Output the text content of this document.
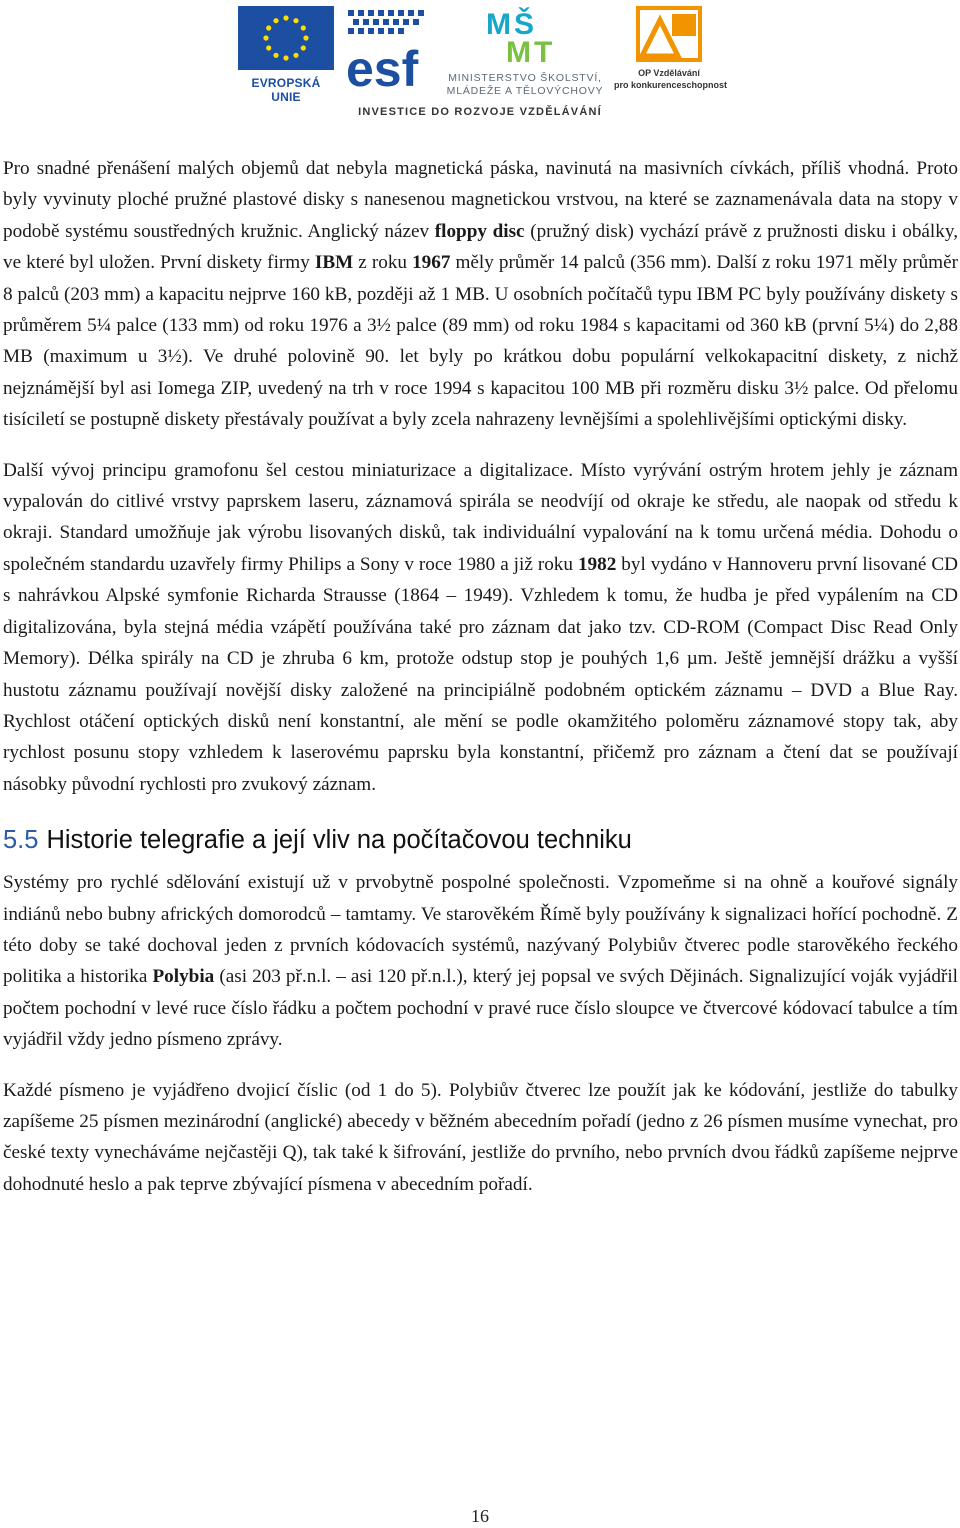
EVROPSKÁ UNIE esf
M Š
M T
MINISTERSTVO ŠKOLSTVÍ,
MLÁDEŽE A TĚLOVÝCHOVY
OP Vzdělávání
pro konkurenceschopnost
INVESTICE DO ROZVOJE VZDĚLÁVÁNÍ

Pro snadné přenášení malých objemů dat nebyla magnetická páska, navinutá na masivních cívkách, příliš vhodná. Proto byly vyvinuty ploché pružné plastové disky s nanesenou magnetickou vrstvou, na které se zaznamenávala data na stopy v podobě systému soustředných kružnic. Anglický název floppy disc (pružný disk) vychází právě z pružnosti disku i obálky, ve které byl uložen. První diskety firmy IBM z roku 1967 měly průměr 14 palců (356 mm). Další z roku 1971 měly průměr 8 palců (203 mm) a kapacitu nejprve 160 kB, později až 1 MB. U osobních počítačů typu IBM PC byly používány diskety s průměrem 5¼ palce (133 mm) od roku 1976 a 3½ palce (89 mm) od roku 1984 s kapacitami od 360 kB (první 5¼) do 2,88 MB (maximum u 3½). Ve druhé polovině 90. let byly po krátkou dobu populární velkokapacitní diskety, z nichž nejznámější byl asi Iomega ZIP, uvedený na trh v roce 1994 s kapacitou 100 MB při rozměru disku 3½ palce. Od přelomu tisíciletí se postupně diskety přestávaly používat a byly zcela nahrazeny levnějšími a spolehlivějšími optickými disky.

Další vývoj principu gramofonu šel cestou miniaturizace a digitalizace. Místo vyrývání ostrým hrotem jehly je záznam vypalován do citlivé vrstvy paprskem laseru, záznamová spirála se neodvíjí od okraje ke středu, ale naopak od středu k okraji. Standard umožňuje jak výrobu lisovaných disků, tak individuální vypalování na k tomu určená média. Dohodu o společném standardu uzavřely firmy Philips a Sony v roce 1980 a již roku 1982 byl vydáno v Hannoveru první lisované CD s nahrávkou Alpské symfonie Richarda Strausse (1864 – 1949). Vzhledem k tomu, že hudba je před vypálením na CD digitalizována, byla stejná média vzápětí používána také pro záznam dat jako tzv. CD-ROM (Compact Disc Read Only Memory). Délka spirály na CD je zhruba 6 km, protože odstup stop je pouhých 1,6 µm. Ještě jemnější drážku a vyšší hustotu záznamu používají novější disky založené na principiálně podobném optickém záznamu – DVD a Blue Ray. Rychlost otáčení optických disků není konstantní, ale mění se podle okamžitého poloměru záznamové stopy tak, aby rychlost posunu stopy vzhledem k laserovému paprsku byla konstantní, přičemž pro záznam a čtení dat se používají násobky původní rychlosti pro zvukový záznam.

5.5 Historie telegrafie a její vliv na počítačovou techniku

Systémy pro rychlé sdělování existují už v prvobytně pospolné společnosti. Vzpomeňme si na ohně a kouřové signály indiánů nebo bubny afrických domorodců – tamtamy. Ve starověkém Římě byly používány k signalizaci hořící pochodně. Z této doby se také dochoval jeden z prvních kódovacích systémů, nazývaný Polybiův čtverec podle starověkého řeckého politika a historika Polybia (asi 203 př.n.l. – asi 120 př.n.l.), který jej popsal ve svých Dějinách. Signalizující voják vyjádřil počtem pochodní v levé ruce číslo řádku a počtem pochodní v pravé ruce číslo sloupce ve čtvercové kódovací tabulce a tím vyjádřil vždy jedno písmeno zprávy.

Každé písmeno je vyjádřeno dvojicí číslic (od 1 do 5). Polybiův čtverec lze použít jak ke kódování, jestliže do tabulky zapíšeme 25 písmen mezinárodní (anglické) abecedy v běžném abecedním pořadí (jedno z 26 písmen musíme vynechat, pro české texty vynecháváme nejčastěji Q), tak také k šifrování, jestliže do prvního, nebo prvních dvou řádků zapíšeme nejprve dohodnuté heslo a pak teprve zbývající písmena v abecedním pořadí.

16
